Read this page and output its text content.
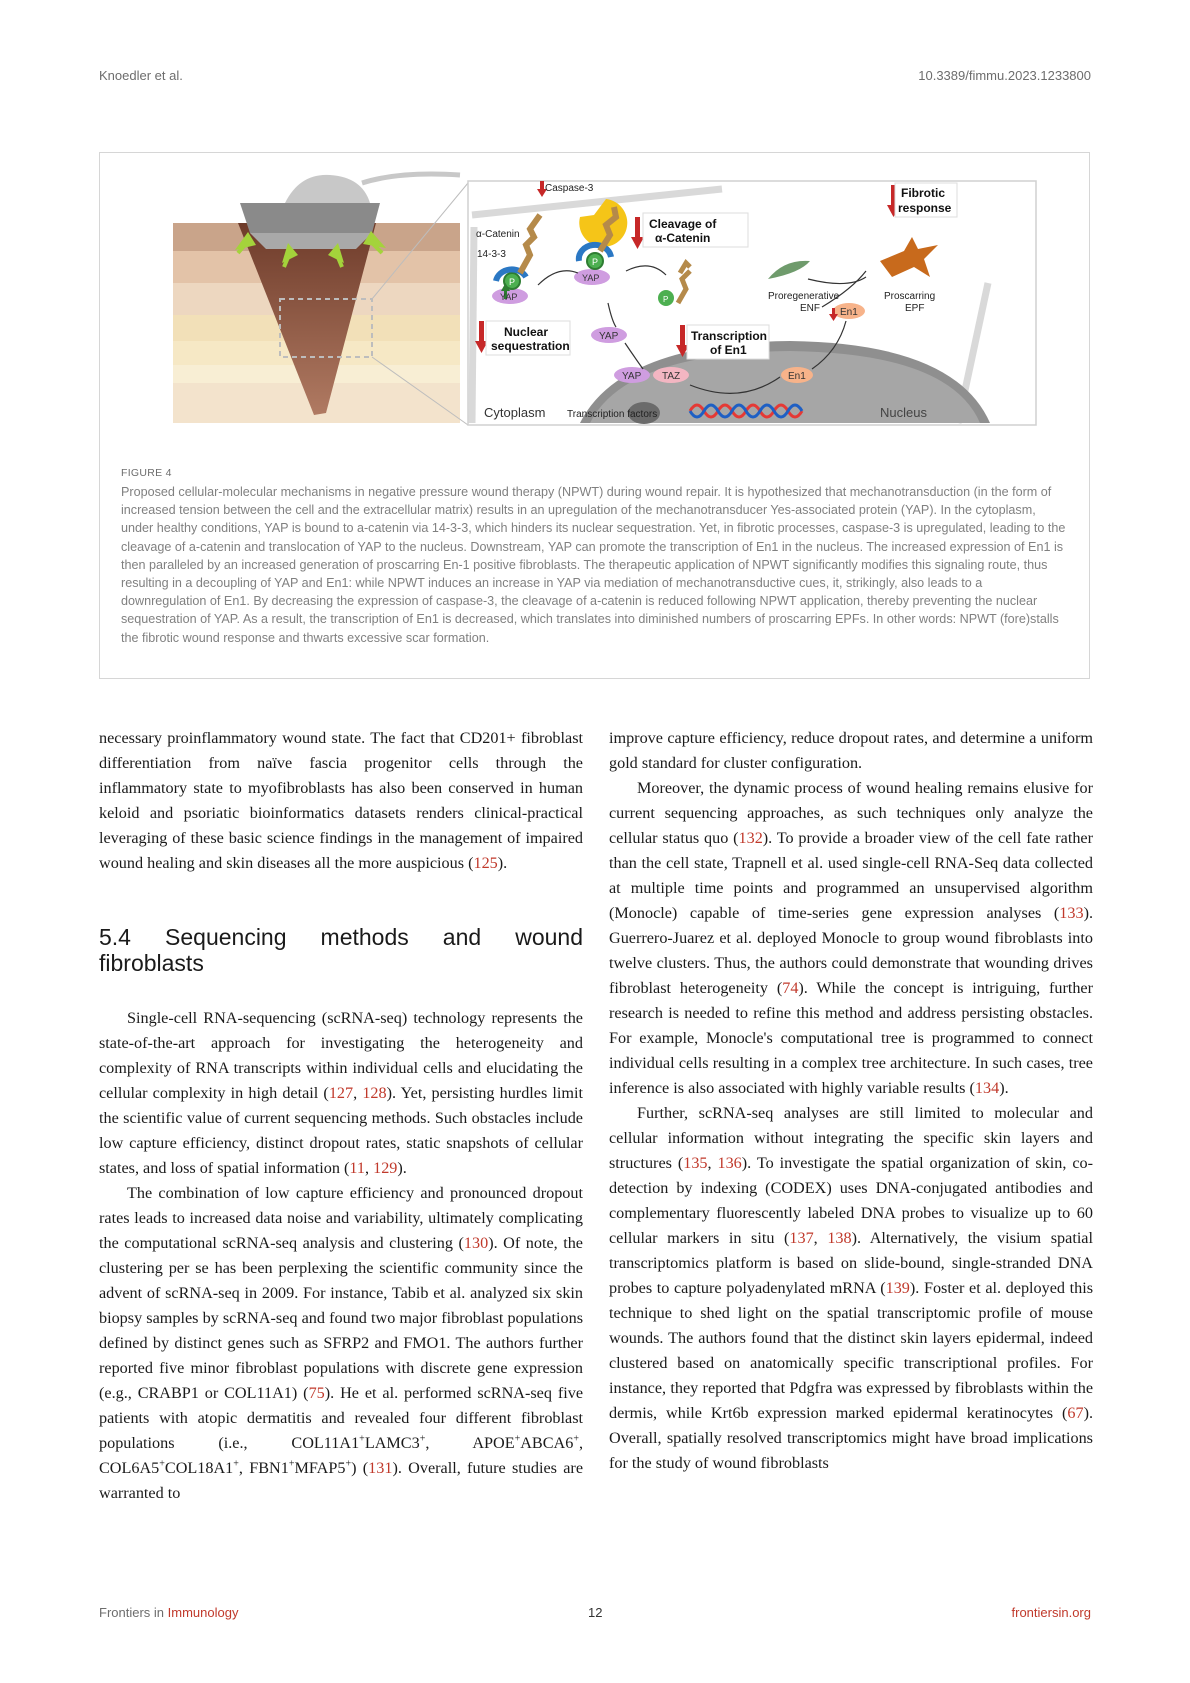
Knoedler et al.	10.3389/fimmu.2023.1233800
Caspase-3
α-Catenin
14-3-3
YAP
YAP
YAP
YAP
P
P
P
Cleavage of
α-Catenin
Fibrotic
response
Proregenerative
ENF
Proscarring
EPF
En1
En1
Nuclear
sequestration
Transcription
of En1
TAZ
Cytoplasm Transcription factors	Nucleus
FIGURE 4
Proposed cellular-molecular mechanisms in negative pressure wound therapy (NPWT) during wound repair. It is hypothesized that mechanotransduction (in the form of increased tension between the cell and the extracellular matrix) results in an upregulation of the mechanotransducer Yes-associated protein (YAP). In the cytoplasm, under healthy conditions, YAP is bound to a-catenin via 14-3-3, which hinders its nuclear sequestration. Yet, in fibrotic processes, caspase-3 is upregulated, leading to the cleavage of a-catenin and translocation of YAP to the nucleus. Downstream, YAP can promote the transcription of En1 in the nucleus. The increased expression of En1 is then paralleled by an increased generation of proscarring En-1 positive fibroblasts. The therapeutic application of NPWT significantly modifies this signaling route, thus resulting in a decoupling of YAP and En1: while NPWT induces an increase in YAP via mediation of mechanotransductive cues, it, strikingly, also leads to a downregulation of En1. By decreasing the expression of caspase-3, the cleavage of a-catenin is reduced following NPWT application, thereby preventing the nuclear sequestration of YAP. As a result, the transcription of En1 is decreased, which translates into diminished numbers of proscarring EPFs. In other words: NPWT (fore)stalls the fibrotic wound response and thwarts excessive scar formation.

necessary proinflammatory wound state. The fact that CD201+ fibroblast differentiation from naïve fascia progenitor cells through the inflammatory state to myofibroblasts has also been conserved in human keloid and psoriatic bioinformatics datasets renders clinical-practical leveraging of these basic science findings in the management of impaired wound healing and skin diseases all the more auspicious (125).

5.4 Sequencing methods and wound fibroblasts

Single-cell RNA-sequencing (scRNA-seq) technology represents the state-of-the-art approach for investigating the heterogeneity and complexity of RNA transcripts within individual cells and elucidating the cellular complexity in high detail (127, 128). Yet, persisting hurdles limit the scientific value of current sequencing methods. Such obstacles include low capture efficiency, distinct dropout rates, static snapshots of cellular states, and loss of spatial information (11, 129).

The combination of low capture efficiency and pronounced dropout rates leads to increased data noise and variability, ultimately complicating the computational scRNA-seq analysis and clustering (130). Of note, the clustering per se has been perplexing the scientific community since the advent of scRNA-seq in 2009. For instance, Tabib et al. analyzed six skin biopsy samples by scRNA-seq and found two major fibroblast populations defined by distinct genes such as SFRP2 and FMO1. The authors further reported five minor fibroblast populations with discrete gene expression (e.g., CRABP1 or COL11A1) (75). He et al. performed scRNA-seq five patients with atopic dermatitis and revealed four different fibroblast populations (i.e., COL11A1+LAMC3+, APOE+ABCA6+, COL6A5+COL18A1+, FBN1+MFAP5+) (131). Overall, future studies are warranted to

improve capture efficiency, reduce dropout rates, and determine a uniform gold standard for cluster configuration.

Moreover, the dynamic process of wound healing remains elusive for current sequencing approaches, as such techniques only analyze the cellular status quo (132). To provide a broader view of the cell fate rather than the cell state, Trapnell et al. used single-cell RNA-Seq data collected at multiple time points and programmed an unsupervised algorithm (Monocle) capable of time-series gene expression analyses (133). Guerrero-Juarez et al. deployed Monocle to group wound fibroblasts into twelve clusters. Thus, the authors could demonstrate that wounding drives fibroblast heterogeneity (74). While the concept is intriguing, further research is needed to refine this method and address persisting obstacles. For example, Monocle's computational tree is programmed to connect individual cells resulting in a complex tree architecture. In such cases, tree inference is also associated with highly variable results (134).

Further, scRNA-seq analyses are still limited to molecular and cellular information without integrating the specific skin layers and structures (135, 136). To investigate the spatial organization of skin, co-detection by indexing (CODEX) uses DNA-conjugated antibodies and complementary fluorescently labeled DNA probes to visualize up to 60 cellular markers in situ (137, 138). Alternatively, the visium spatial transcriptomics platform is based on slide-bound, single-stranded DNA probes to capture polyadenylated mRNA (139). Foster et al. deployed this technique to shed light on the spatial transcriptomic profile of mouse wounds. The authors found that the distinct skin layers epidermal, indeed clustered based on anatomically specific transcriptional profiles. For instance, they reported that Pdgfra was expressed by fibroblasts within the dermis, while Krt6b expression marked epidermal keratinocytes (67). Overall, spatially resolved transcriptomics might have broad implications for the study of wound fibroblasts

Frontiers in Immunology	12	frontiersin.org
